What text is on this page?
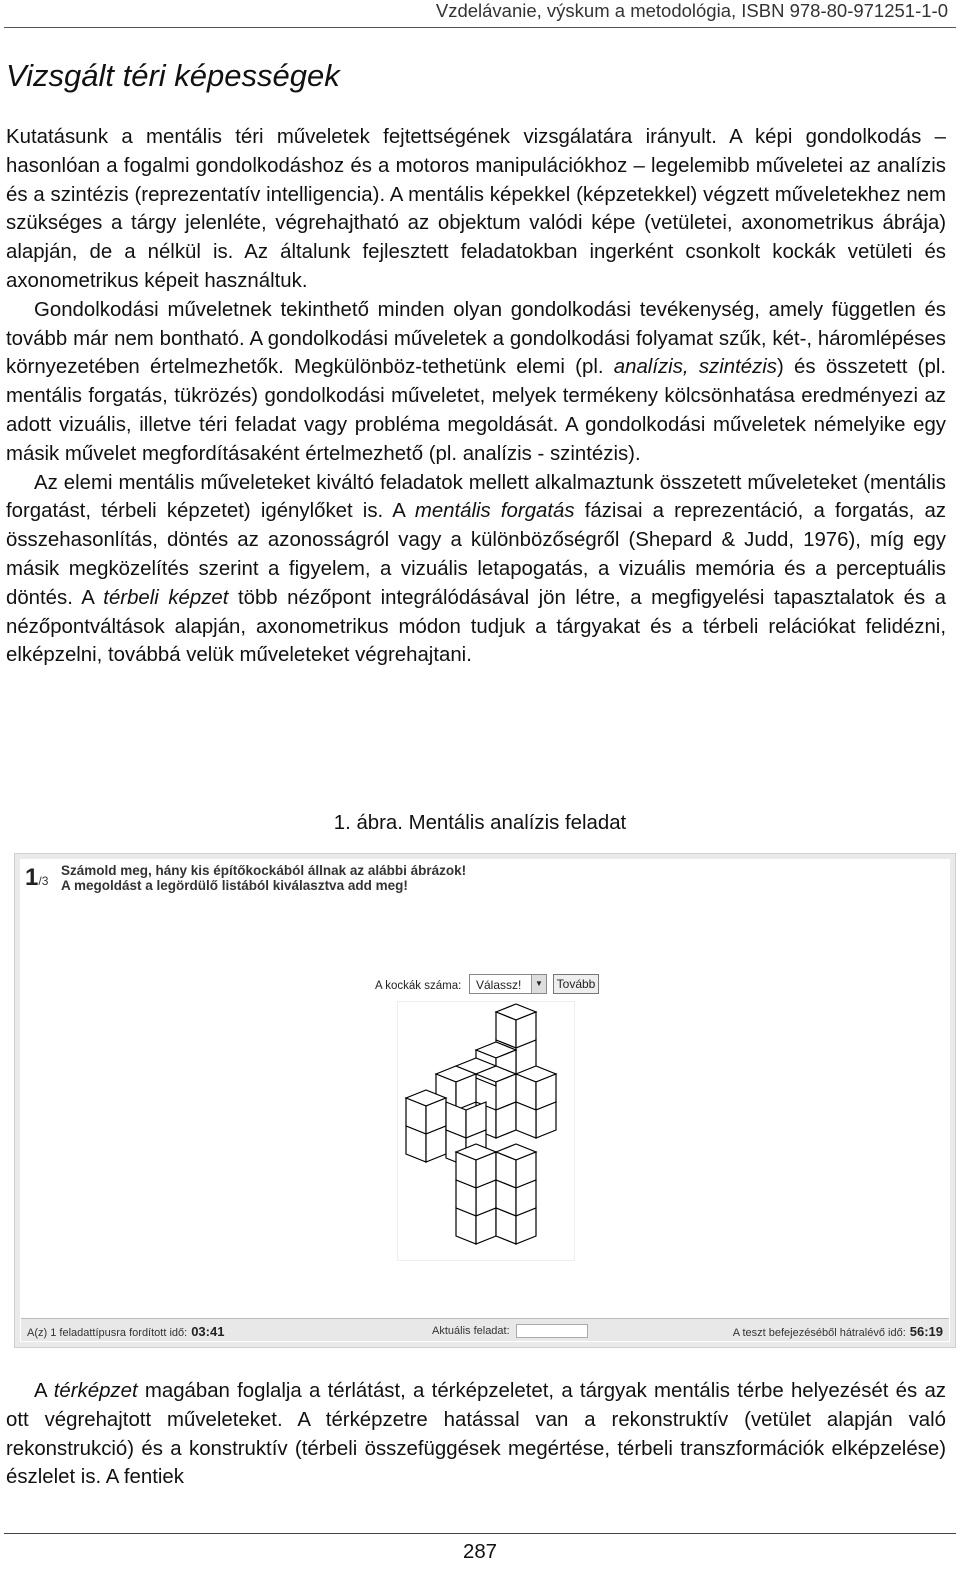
Vzdelávanie, výskum a metodológia, ISBN 978-80-971251-1-0
Vizsgált téri képességek

Kutatásunk a mentális téri műveletek fejtettségének vizsgálatára irányult. A képi gondolkodás – hasonlóan a fogalmi gondolkodáshoz és a motoros manipulációkhoz – legelemibb műveletei az analízis és a szintézis (reprezentatív intelligencia). A mentális képekkel (képzetekkel) végzett műveletekhez nem szükséges a tárgy jelenléte, végrehajtható az objektum valódi képe (vetületei, axonometrikus ábrája) alapján, de a nélkül is. Az általunk fejlesztett feladatokban ingerként csonkolt kockák vetületi és axonometrikus képeit használtuk.

Gondolkodási műveletnek tekinthető minden olyan gondolkodási tevékenység, amely független és tovább már nem bontható. A gondolkodási műveletek a gondolkodási folyamat szűk, két-, háromlépéses környezetében értelmezhetők. Megkülönböz-tethetünk elemi (pl. analízis, szintézis) és összetett (pl. mentális forgatás, tükrözés) gondolkodási műveletet, melyek termékeny kölcsönhatása eredményezi az adott vizuális, illetve téri feladat vagy probléma megoldását. A gondolkodási műveletek némelyike egy másik művelet megfordításaként értelmezhető (pl. analízis - szintézis).

Az elemi mentális műveleteket kiváltó feladatok mellett alkalmaztunk összetett műveleteket (mentális forgatást, térbeli képzetet) igénylőket is. A mentális forgatás fázisai a reprezentáció, a forgatás, az összehasonlítás, döntés az azonosságról vagy a különbözőségről (Shepard & Judd, 1976), míg egy másik megközelítés szerint a figyelem, a vizuális letapogatás, a vizuális memória és a perceptuális döntés. A térbeli képzet több nézőpont integrálódásával jön létre, a megfigyelési tapasztalatok és a nézőpontváltások alapján, axonometrikus módon tudjuk a tárgyakat és a térbeli relációkat felidézni, elképzelni, továbbá velük műveleteket végrehajtani.

1. ábra. Mentális analízis feladat
1/3
Számold meg, hány kis építőkockából állnak az alábbi ábrázok!
A megoldást a legördülő listából kiválasztva add meg!
A kockák száma:	Válassz!	▼	Tovább
A(z) 1 feladattípusra fordított idő: 03:41	Aktuális feladat:	A teszt befejezéséből hátralévő idő: 56:19

A térképzet magában foglalja a térlátást, a térképzeletet, a tárgyak mentális térbe helyezését és az ott végrehajtott műveleteket. A térképzetre hatással van a rekonstruktív (vetület alapján való rekonstrukció) és a konstruktív (térbeli összefüggések megértése, térbeli transzformációk elképzelése) észlelet is. A fentiek

287
